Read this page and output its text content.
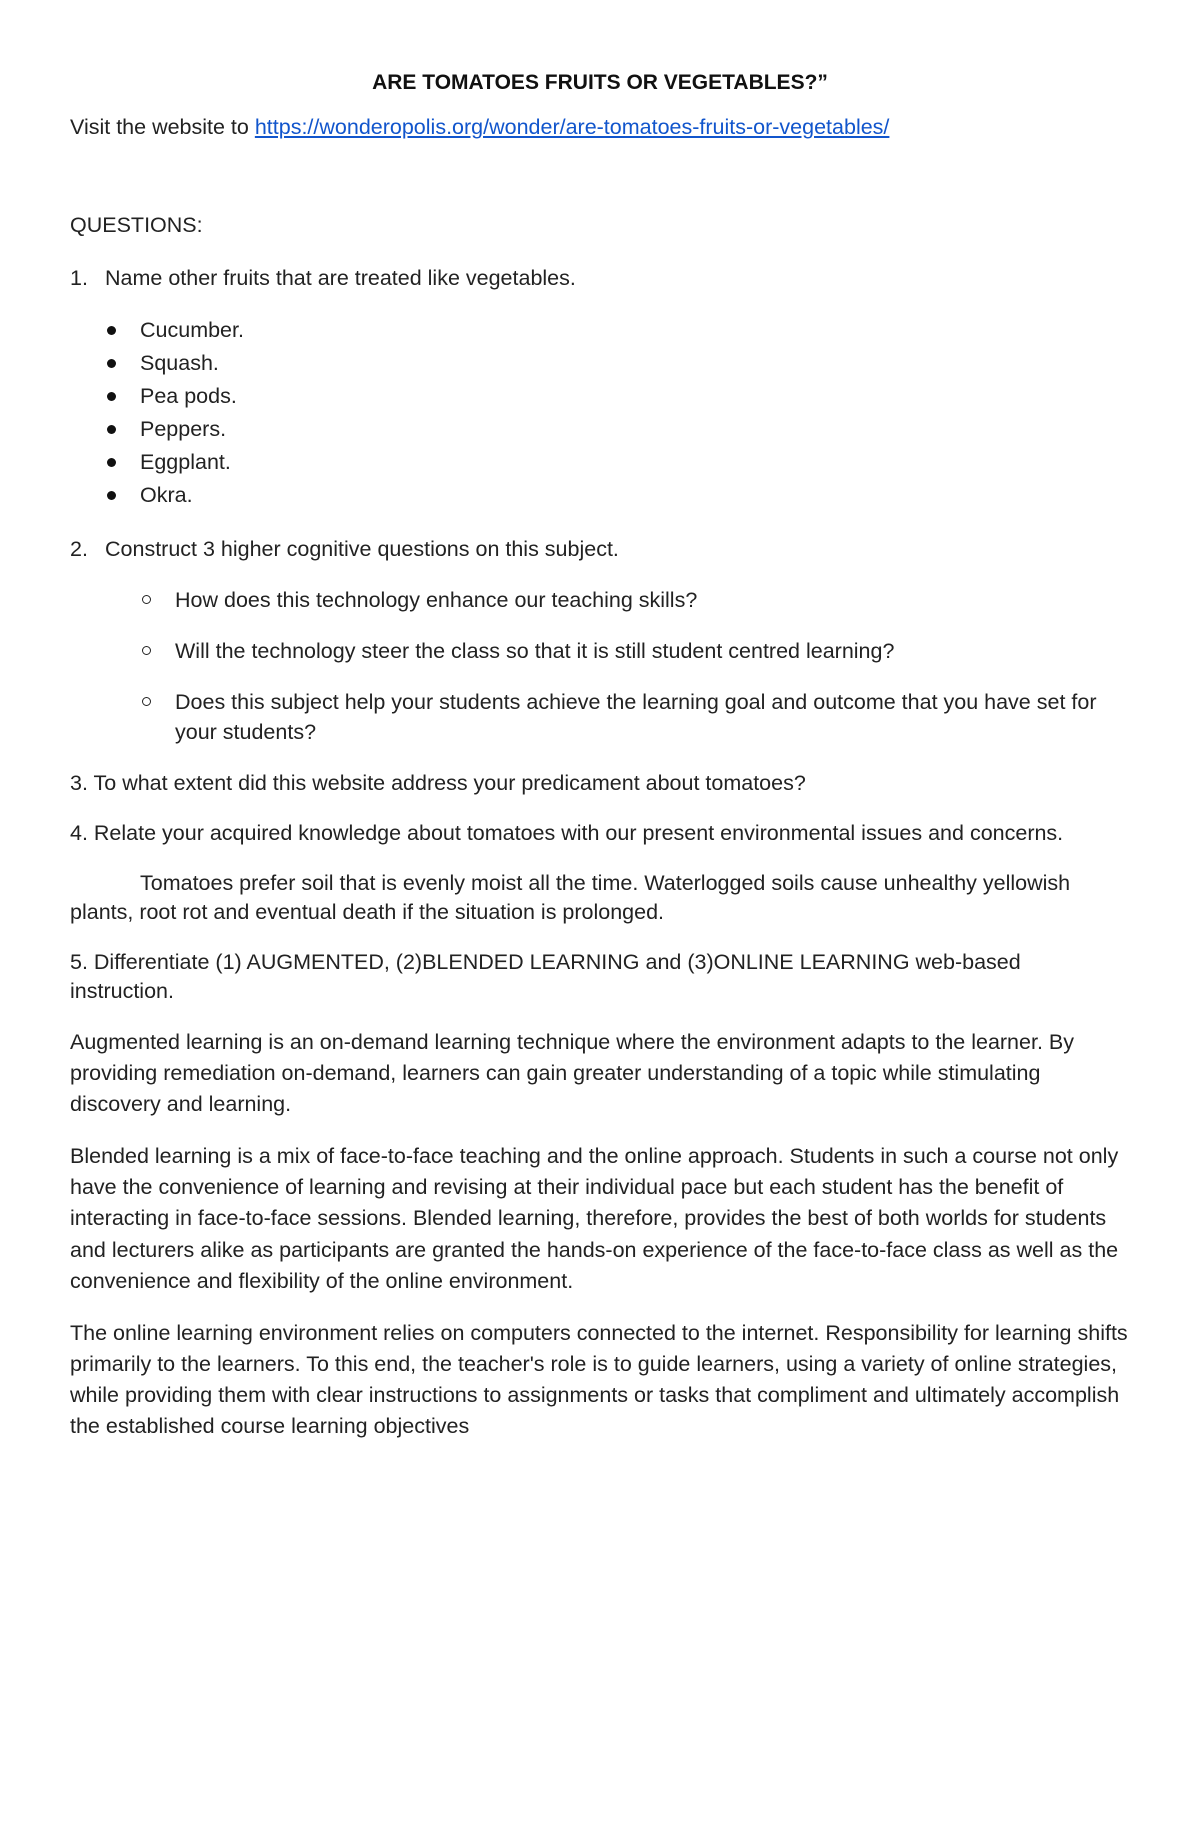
ARE TOMATOES FRUITS OR VEGETABLES?”

Visit the website to https://wonderopolis.org/wonder/are-tomatoes-fruits-or-vegetables/

QUESTIONS:

1. Name other fruits that are treated like vegetables.
Cucumber.
Squash.
Pea pods.
Peppers.
Eggplant.
Okra.
2. Construct 3 higher cognitive questions on this subject.
How does this technology enhance our teaching skills?
Will the technology steer the class so that it is still student centred learning?
Does this subject help your students achieve the learning goal and outcome that you have set for your students?

3. To what extent did this website address your predicament about tomatoes?

4. Relate your acquired knowledge about tomatoes with our present environmental issues and concerns.

Tomatoes prefer soil that is evenly moist all the time. Waterlogged soils cause unhealthy yellowish plants, root rot and eventual death if the situation is prolonged.

5. Differentiate (1) AUGMENTED, (2)BLENDED LEARNING and (3)ONLINE LEARNING web-based instruction.

Augmented learning is an on-demand learning technique where the environment adapts to the learner. By providing remediation on-demand, learners can gain greater understanding of a topic while stimulating discovery and learning.

Blended learning is a mix of face-to-face teaching and the online approach. Students in such a course not only have the convenience of learning and revising at their individual pace but each student has the benefit of interacting in face-to-face sessions. Blended learning, therefore, provides the best of both worlds for students and lecturers alike as participants are granted the hands-on experience of the face-to-face class as well as the convenience and flexibility of the online environment.

The online learning environment relies on computers connected to the internet. Responsibility for learning shifts primarily to the learners. To this end, the teacher's role is to guide learners, using a variety of online strategies, while providing them with clear instructions to assignments or tasks that compliment and ultimately accomplish the established course learning objectives
